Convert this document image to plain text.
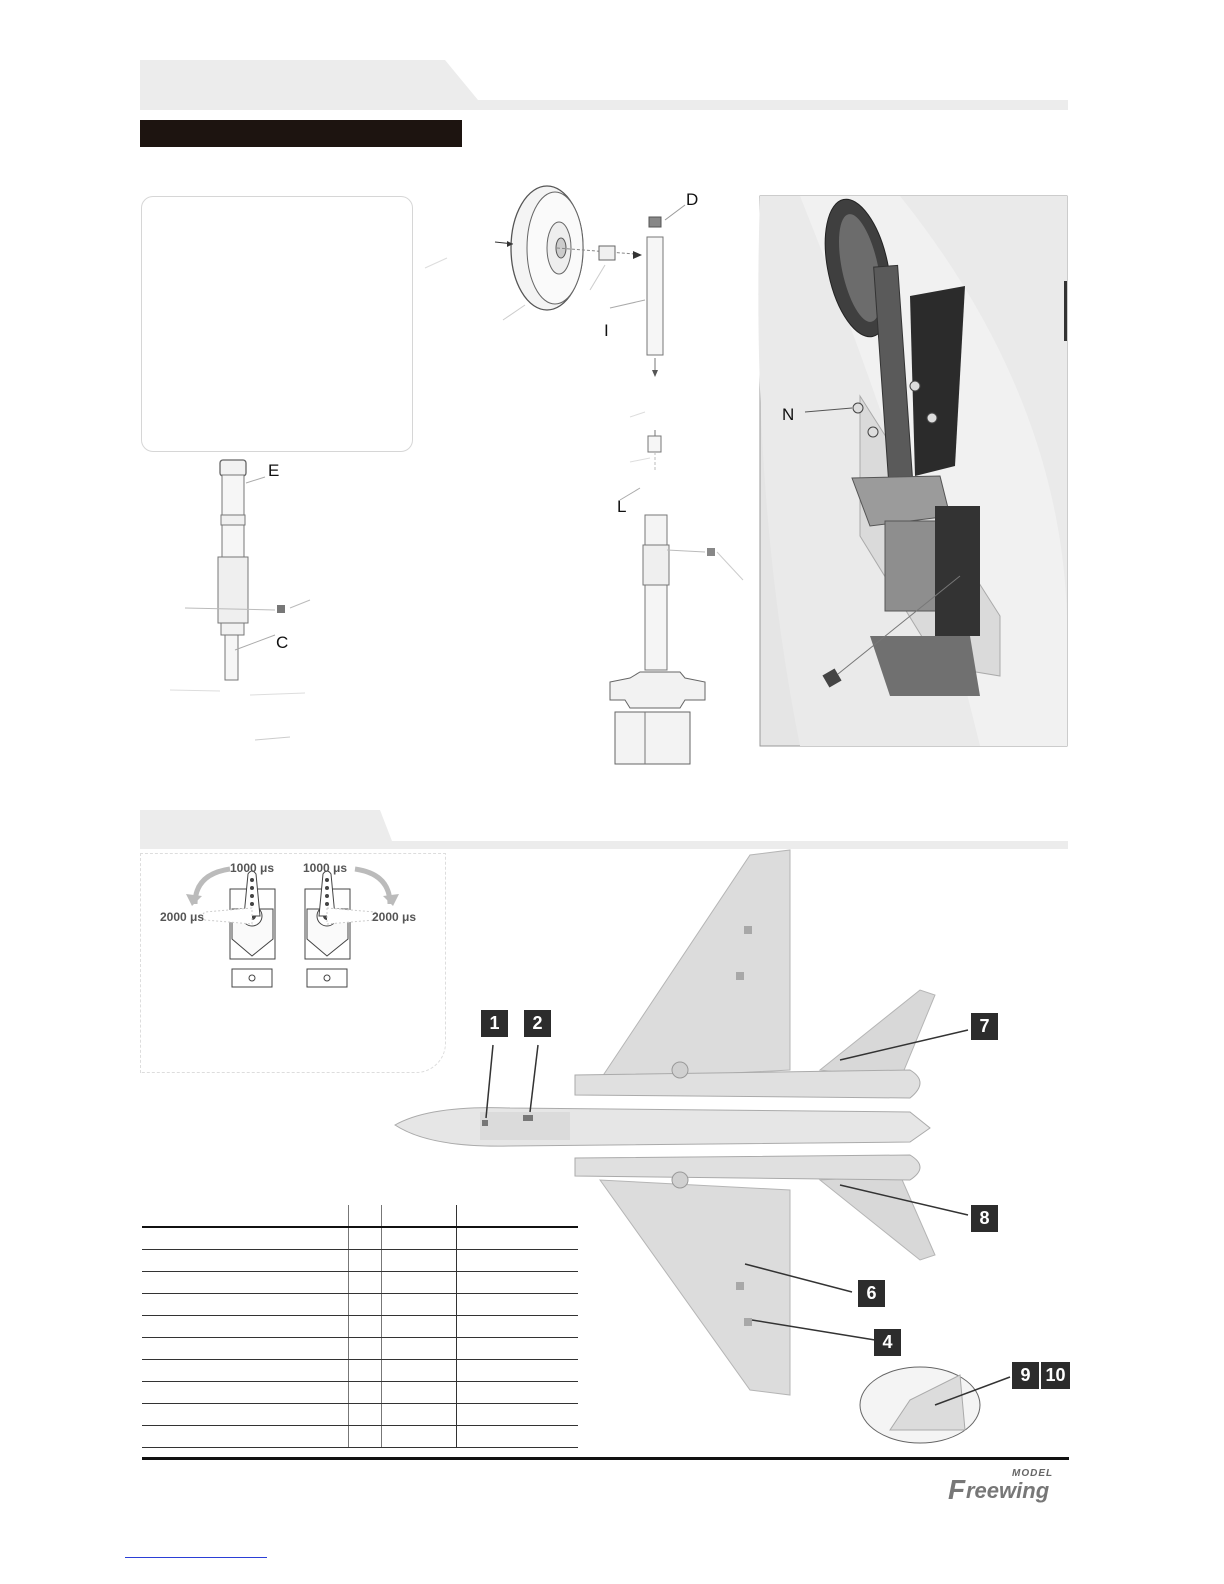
E
C
D
I
L
N
1000 μs
2000 μs
1000 μs
2000 μs
1	2	7
8
6
4
9 10

MODEL
F reewing
